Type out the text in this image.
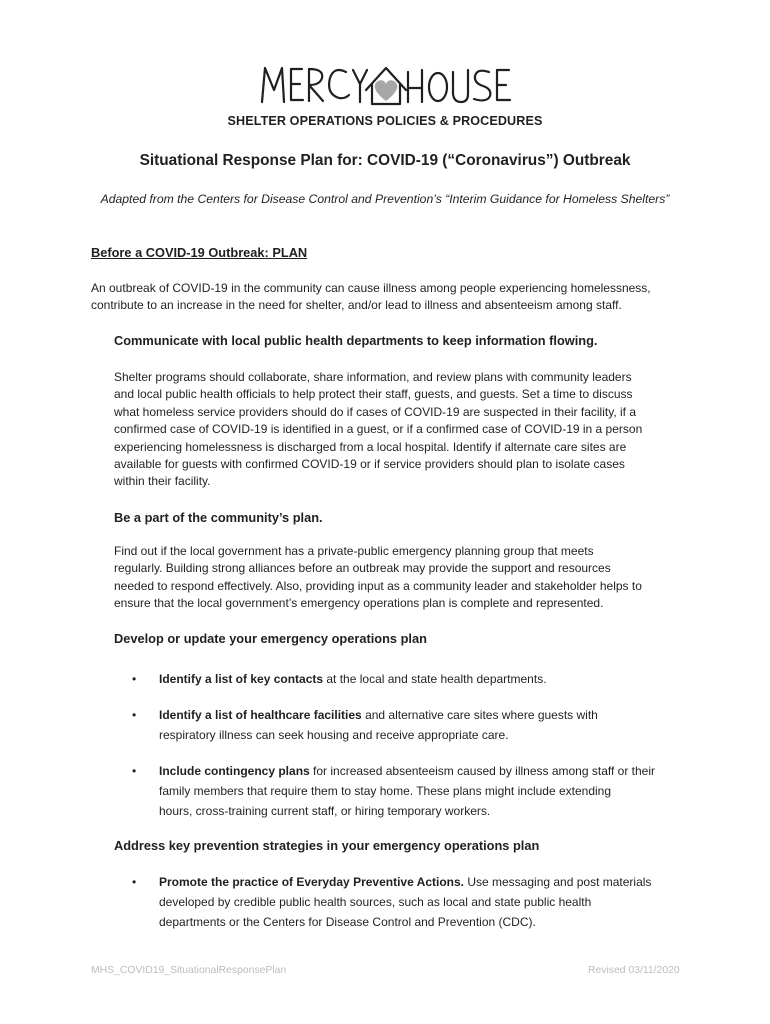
SHELTER OPERATIONS POLICIES & PROCEDURES
Situational Response Plan for: COVID-19 (“Coronavirus”) Outbreak
Adapted from the Centers for Disease Control and Prevention’s “Interim Guidance for Homeless Shelters”
Before a COVID-19 Outbreak: PLAN
An outbreak of COVID-19 in the community can cause illness among people experiencing homelessness,
contribute to an increase in the need for shelter, and/or lead to illness and absenteeism among staff.
Communicate with local public health departments to keep information flowing.
Shelter programs should collaborate, share information, and review plans with community leaders
and local public health officials to help protect their staff, guests, and guests. Set a time to discuss
what homeless service providers should do if cases of COVID-19 are suspected in their facility, if a
confirmed case of COVID-19 is identified in a guest, or if a confirmed case of COVID-19 in a person
experiencing homelessness is discharged from a local hospital. Identify if alternate care sites are
available for guests with confirmed COVID-19 or if service providers should plan to isolate cases
within their facility.
Be a part of the community’s plan.
Find out if the local government has a private-public emergency planning group that meets
regularly. Building strong alliances before an outbreak may provide the support and resources
needed to respond effectively. Also, providing input as a community leader and stakeholder helps to
ensure that the local government’s emergency operations plan is complete and represented.
Develop or update your emergency operations plan
• Identify a list of key contacts at the local and state health departments.
• Identify a list of healthcare facilities and alternative care sites where guests with
respiratory illness can seek housing and receive appropriate care.
• Include contingency plans for increased absenteeism caused by illness among staff or their
family members that require them to stay home. These plans might include extending
hours, cross-training current staff, or hiring temporary workers.
Address key prevention strategies in your emergency operations plan
• Promote the practice of Everyday Preventive Actions. Use messaging and post materials
developed by credible public health sources, such as local and state public health
departments or the Centers for Disease Control and Prevention (CDC).
MHS_COVID19_SituationalResponsePlan	Revised 03/11/2020
